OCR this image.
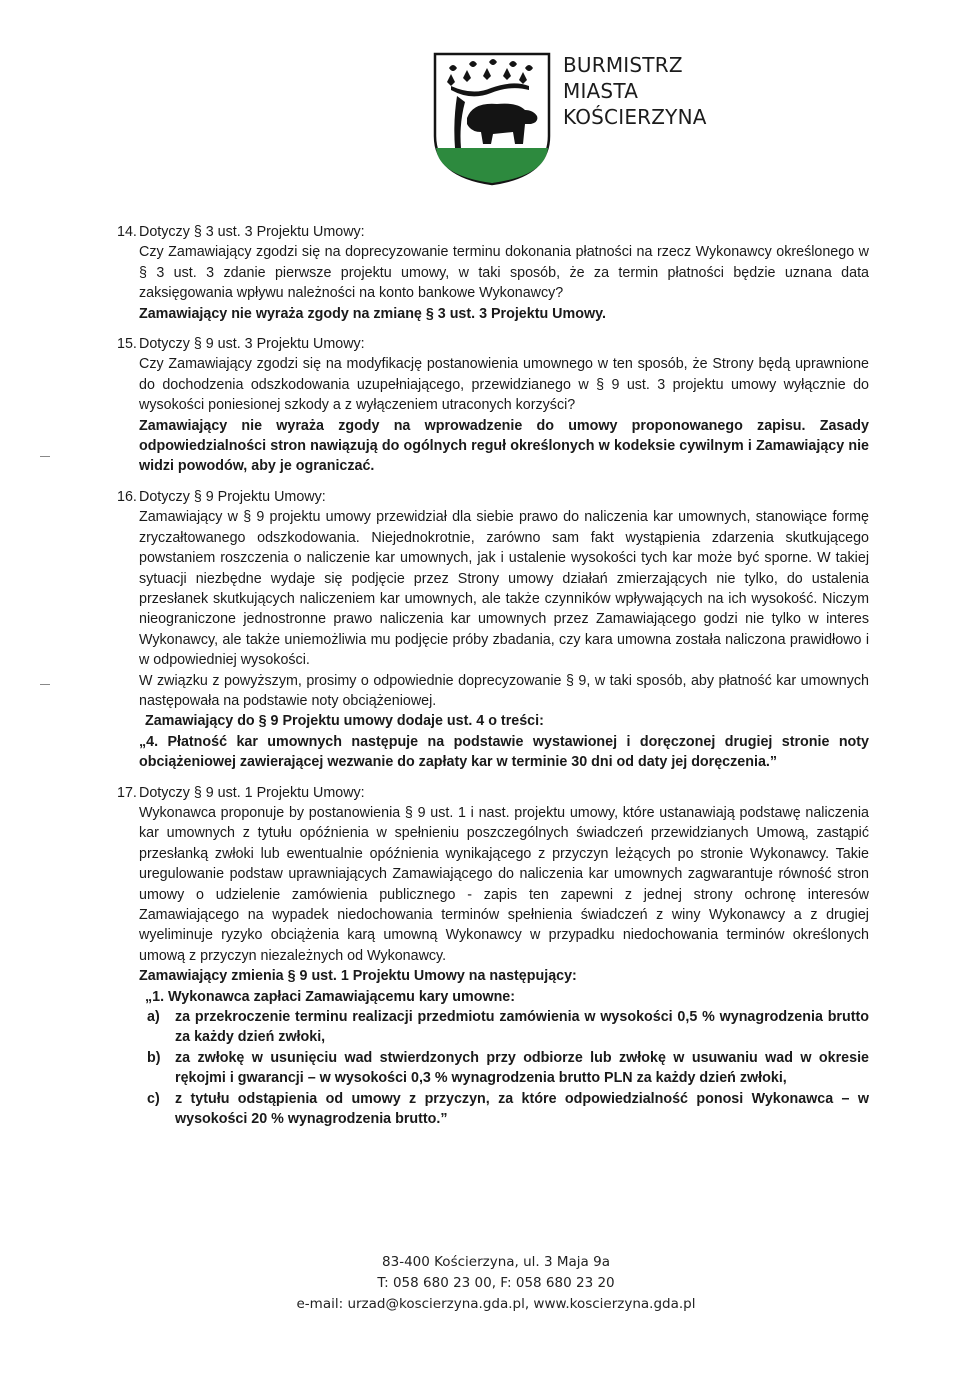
BURMISTRZ
MIASTA
KOŚCIERZYNA
14. Dotyczy § 3 ust. 3 Projektu Umowy:
Czy Zamawiający zgodzi się na doprecyzowanie terminu dokonania płatności na rzecz Wykonawcy określonego w § 3 ust. 3 zdanie pierwsze projektu umowy, w taki sposób, że za termin płatności będzie uznana data zaksięgowania wpływu należności na konto bankowe Wykonawcy?
Zamawiający nie wyraża zgody na zmianę § 3 ust. 3 Projektu Umowy.
15. Dotyczy § 9 ust. 3 Projektu Umowy:
Czy Zamawiający zgodzi się na modyfikację postanowienia umownego w ten sposób, że Strony będą uprawnione do dochodzenia odszkodowania uzupełniającego, przewidzianego w § 9 ust. 3 projektu umowy wyłącznie do wysokości poniesionej szkody a z wyłączeniem utraconych korzyści?
Zamawiający nie wyraża zgody na wprowadzenie do umowy proponowanego zapisu. Zasady odpowiedzialności stron nawiązują do ogólnych reguł określonych w kodeksie cywilnym i Zamawiający nie widzi powodów, aby je ograniczać.
16. Dotyczy § 9 Projektu Umowy:
Zamawiający w § 9 projektu umowy przewidział dla siebie prawo do naliczenia kar umownych, stanowiące formę zryczałtowanego odszkodowania. Niejednokrotnie, zarówno sam fakt wystąpienia zdarzenia skutkującego powstaniem roszczenia o naliczenie kar umownych, jak i ustalenie wysokości tych kar może być sporne. W takiej sytuacji niezbędne wydaje się podjęcie przez Strony umowy działań zmierzających nie tylko, do ustalenia przesłanek skutkujących naliczeniem kar umownych, ale także czynników wpływających na ich wysokość. Niczym nieograniczone jednostronne prawo naliczenia kar umownych przez Zamawiającego godzi nie tylko w interes Wykonawcy, ale także uniemożliwia mu podjęcie próby zbadania, czy kara umowna została naliczona prawidłowo i w odpowiedniej wysokości.
W związku z powyższym, prosimy o odpowiednie doprecyzowanie § 9, w taki sposób, aby płatność kar umownych następowała na podstawie noty obciążeniowej.
Zamawiający do § 9 Projektu umowy dodaje ust. 4 o treści:
„4. Płatność kar umownych następuje na podstawie wystawionej i doręczonej drugiej stronie noty obciążeniowej zawierającej wezwanie do zapłaty kar w terminie 30 dni od daty jej doręczenia.”
17. Dotyczy § 9 ust. 1 Projektu Umowy:
Wykonawca proponuje by postanowienia § 9 ust. 1 i nast. projektu umowy, które ustanawiają podstawę naliczenia kar umownych z tytułu opóźnienia w spełnieniu poszczególnych świadczeń przewidzianych Umową, zastąpić przesłanką zwłoki lub ewentualnie opóźnienia wynikającego z przyczyn leżących po stronie Wykonawcy. Takie uregulowanie podstaw uprawniających Zamawiającego do naliczenia kar umownych zagwarantuje równość stron umowy o udzielenie zamówienia publicznego - zapis ten zapewni z jednej strony ochronę interesów Zamawiającego na wypadek niedochowania terminów spełnienia świadczeń z winy Wykonawcy a z drugiej wyeliminuje ryzyko obciążenia karą umowną Wykonawcy w przypadku niedochowania terminów określonych umową z przyczyn niezależnych od Wykonawcy.
Zamawiający zmienia § 9 ust. 1 Projektu Umowy na następujący:
„1. Wykonawca zapłaci Zamawiającemu kary umowne:
a)	za przekroczenie terminu realizacji przedmiotu zamówienia w wysokości 0,5 % wynagrodzenia brutto za każdy dzień zwłoki,
b)	za zwłokę w usunięciu wad stwierdzonych przy odbiorze lub zwłokę w usuwaniu wad w okresie rękojmi i gwarancji – w wysokości 0,3 % wynagrodzenia brutto PLN za każdy dzień zwłoki,
c)	z tytułu odstąpienia od umowy z przyczyn, za które odpowiedzialność ponosi Wykonawca – w wysokości 20 % wynagrodzenia brutto.”
83-400 Kościerzyna, ul. 3 Maja 9a
T: 058 680 23 00, F: 058 680 23 20
e-mail: urzad@koscierzyna.gda.pl, www.koscierzyna.gda.pl
